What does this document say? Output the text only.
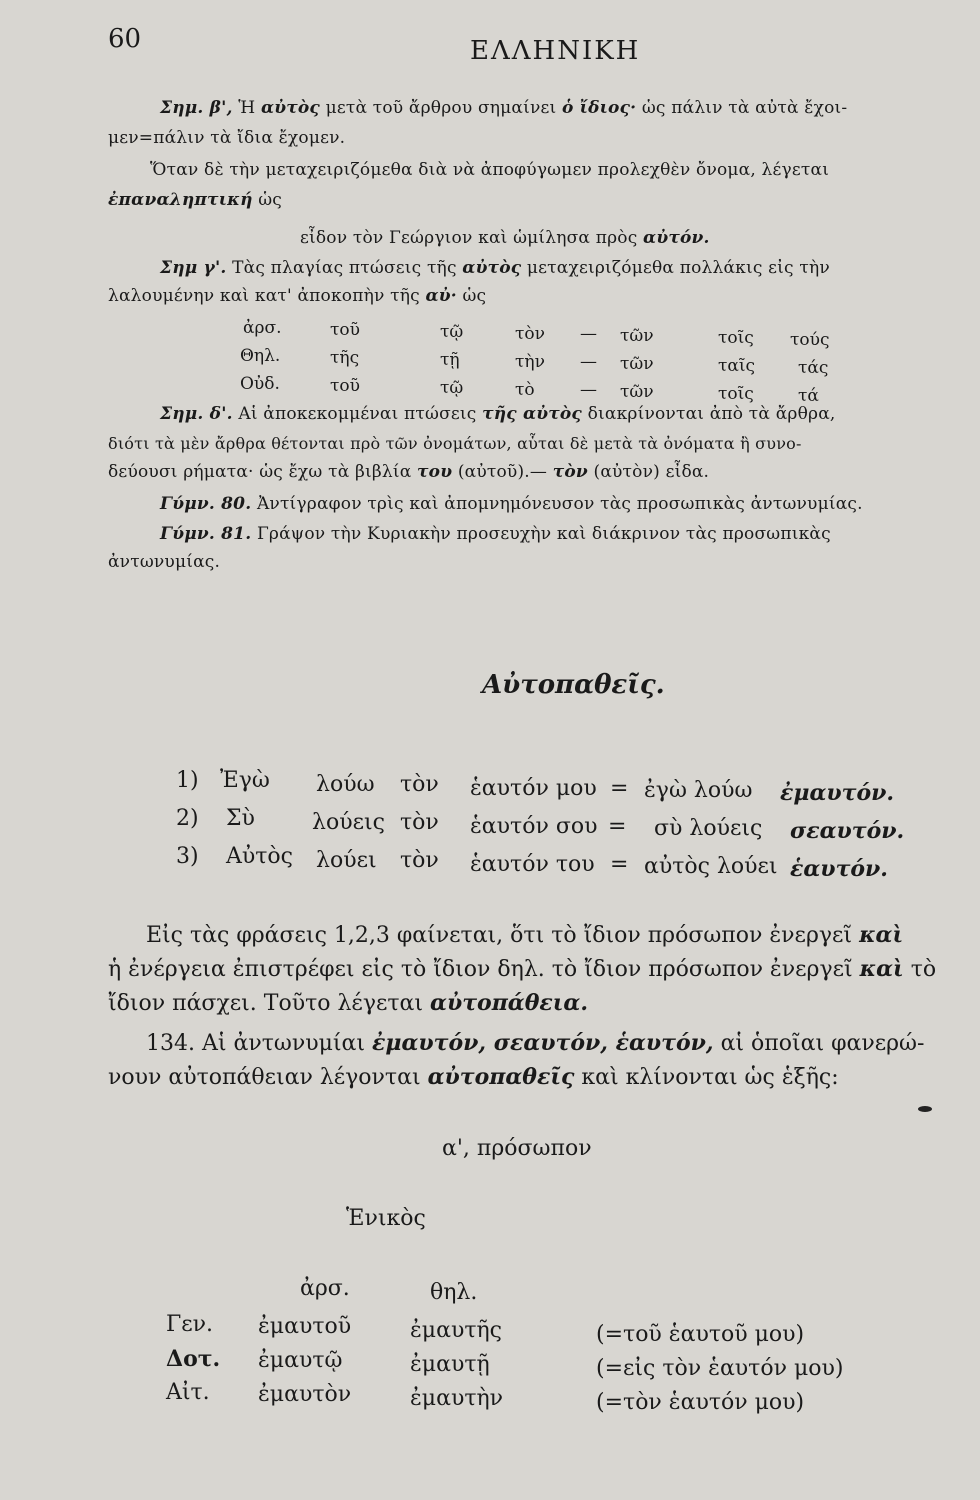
60	ΕΛΛΗΝΙΚΗ
Σημ. β', Ἡ αὐτὸς μετὰ τοῦ ἄρθρου σημαίνει ὁ ἴδιος· ὡς πάλιν τὰ αὐτὰ ἔχοι-
μεν=πάλιν τὰ ἴδια ἔχομεν.
Ὅταν δὲ τὴν μεταχειριζόμεθα διὰ νὰ ἀποφύγωμεν προλεχθὲν ὄνομα, λέγεται
ἐπαναληπτική ὡς
εἶδον τὸν Γεώργιον καὶ ὡμίλησα πρὸς αὐτόν.
Σημ γ'. Τὰς πλαγίας πτώσεις τῆς αὐτὸς μεταχειριζόμεθα πολλάκις εἰς τὴν
λαλουμένην καὶ κατ' ἀποκοπὴν τῆς αὐ· ὡς
ἀρσ.	τοῦ	τῷ	τὸν — τῶν	τοῖς τούς
Θηλ.	τῆς	τῇ	τὴν — τῶν	ταῖς	τάς
Οὐδ.	τοῦ	τῷ	τὸ	— τῶν	τοῖς	τά
Σημ. δ'. Αἱ ἀποκεκομμέναι πτώσεις τῆς αὐτὸς διακρίνονται ἀπὸ τὰ ἄρθρα,
διότι τὰ μὲν ἄρθρα θέτονται πρὸ τῶν ὀνομάτων, αὗται δὲ μετὰ τὰ ὀνόματα ἢ συνο-
δεύουσι ρήματα· ὡς ἔχω τὰ βιβλία του (αὐτοῦ).— τὸν (αὐτὸν) εἶδα.
Γύμν. 80. Ἀντίγραφον τρὶς καὶ ἀπομνημόνευσον τὰς προσωπικὰς ἀντωνυμίας.
Γύμν. 81. Γράψον τὴν Κυριακὴν προσευχὴν καὶ διάκρινον τὰς προσωπικὰς
ἀντωνυμίας.
Αὐτοπαθεῖς.
1) Ἐγὼ λούω τὸν ἑαυτόν μου = ἐγὼ λούω ἐμαυτόν.
2) Σὺ	λούεις τὸν ἑαυτόν σου = σὺ λούεις σεαυτόν.
3) Αὐτὸς λούει τὸν ἑαυτόν του = αὐτὸς λούει ἑαυτόν.
Εἰς τὰς φράσεις 1,2,3 φαίνεται, ὅτι τὸ ἴδιον πρόσωπον ἐνεργεῖ καὶ
ἡ ἐνέργεια ἐπιστρέφει εἰς τὸ ἴδιον δηλ. τὸ ἴδιον πρόσωπον ἐνεργεῖ καὶ τὸ
ἴδιον πάσχει. Τοῦτο λέγεται αὐτοπάθεια.
134. Αἱ ἀντωνυμίαι ἐμαυτόν, σεαυτόν, ἑαυτόν, αἱ ὁποῖαι φανερώ-
νουν αὐτοπάθειαν λέγονται αὐτοπαθεῖς καὶ κλίνονται ὡς ἑξῆς:
α', πρόσωπον
Ἑνικὸς
ἀρσ.	θηλ.
Γεν. ἐμαυτοῦ	ἐμαυτῆς	(=τοῦ ἑαυτοῦ μου)
Δοτ. ἐμαυτῷ	ἐμαυτῇ	(=εἰς τὸν ἑαυτόν μου)
Αἰτ. ἐμαυτὸν	ἐμαυτὴν	(=τὸν ἑαυτόν μου)
